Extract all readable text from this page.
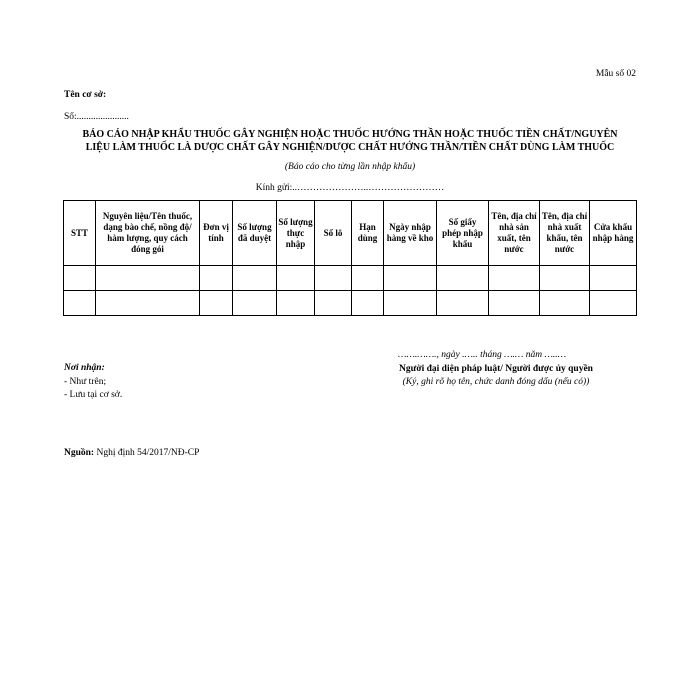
Mẫu số 02
Tên cơ sở:
Số:......................
BÁO CÁO NHẬP KHẨU THUỐC GÂY NGHIỆN HOẶC THUỐC HƯỚNG THẦN HOẶC THUỐC TIỀN CHẤT/NGUYÊN
LIỆU LÀM THUỐC LÀ DƯỢC CHẤT GÂY NGHIỆN/DƯỢC CHẤT HƯỚNG THẦN/TIỀN CHẤT DÙNG LÀM THUỐC
(Báo cáo cho từng lần nhập khẩu)
Kính gửi:..…………………..……………………
STT	Nguyên liệu/Tên thuốc, dạng bào chế, nồng độ/ hàm lượng, quy cách đóng gói	Đơn vị tính	Số lượng đã duyệt	Số lượng thực nhập	Số lô	Hạn dùng	Ngày nhập hàng về kho	Số giấy phép nhập khẩu	Tên, địa chỉ nhà sản xuất, tên nước	Tên, địa chỉ nhà xuất khẩu, tên nước	Cửa khẩu nhập hàng

…….……., ngày .….. tháng ….… năm …..…
Nơi nhận:
- Như trên;
- Lưu tại cơ sở.
Người đại diện pháp luật/ Người được ủy quyền
(Ký, ghi rõ họ tên, chức danh đóng dấu (nếu có))
Nguồn: Nghị định 54/2017/NĐ-CP
